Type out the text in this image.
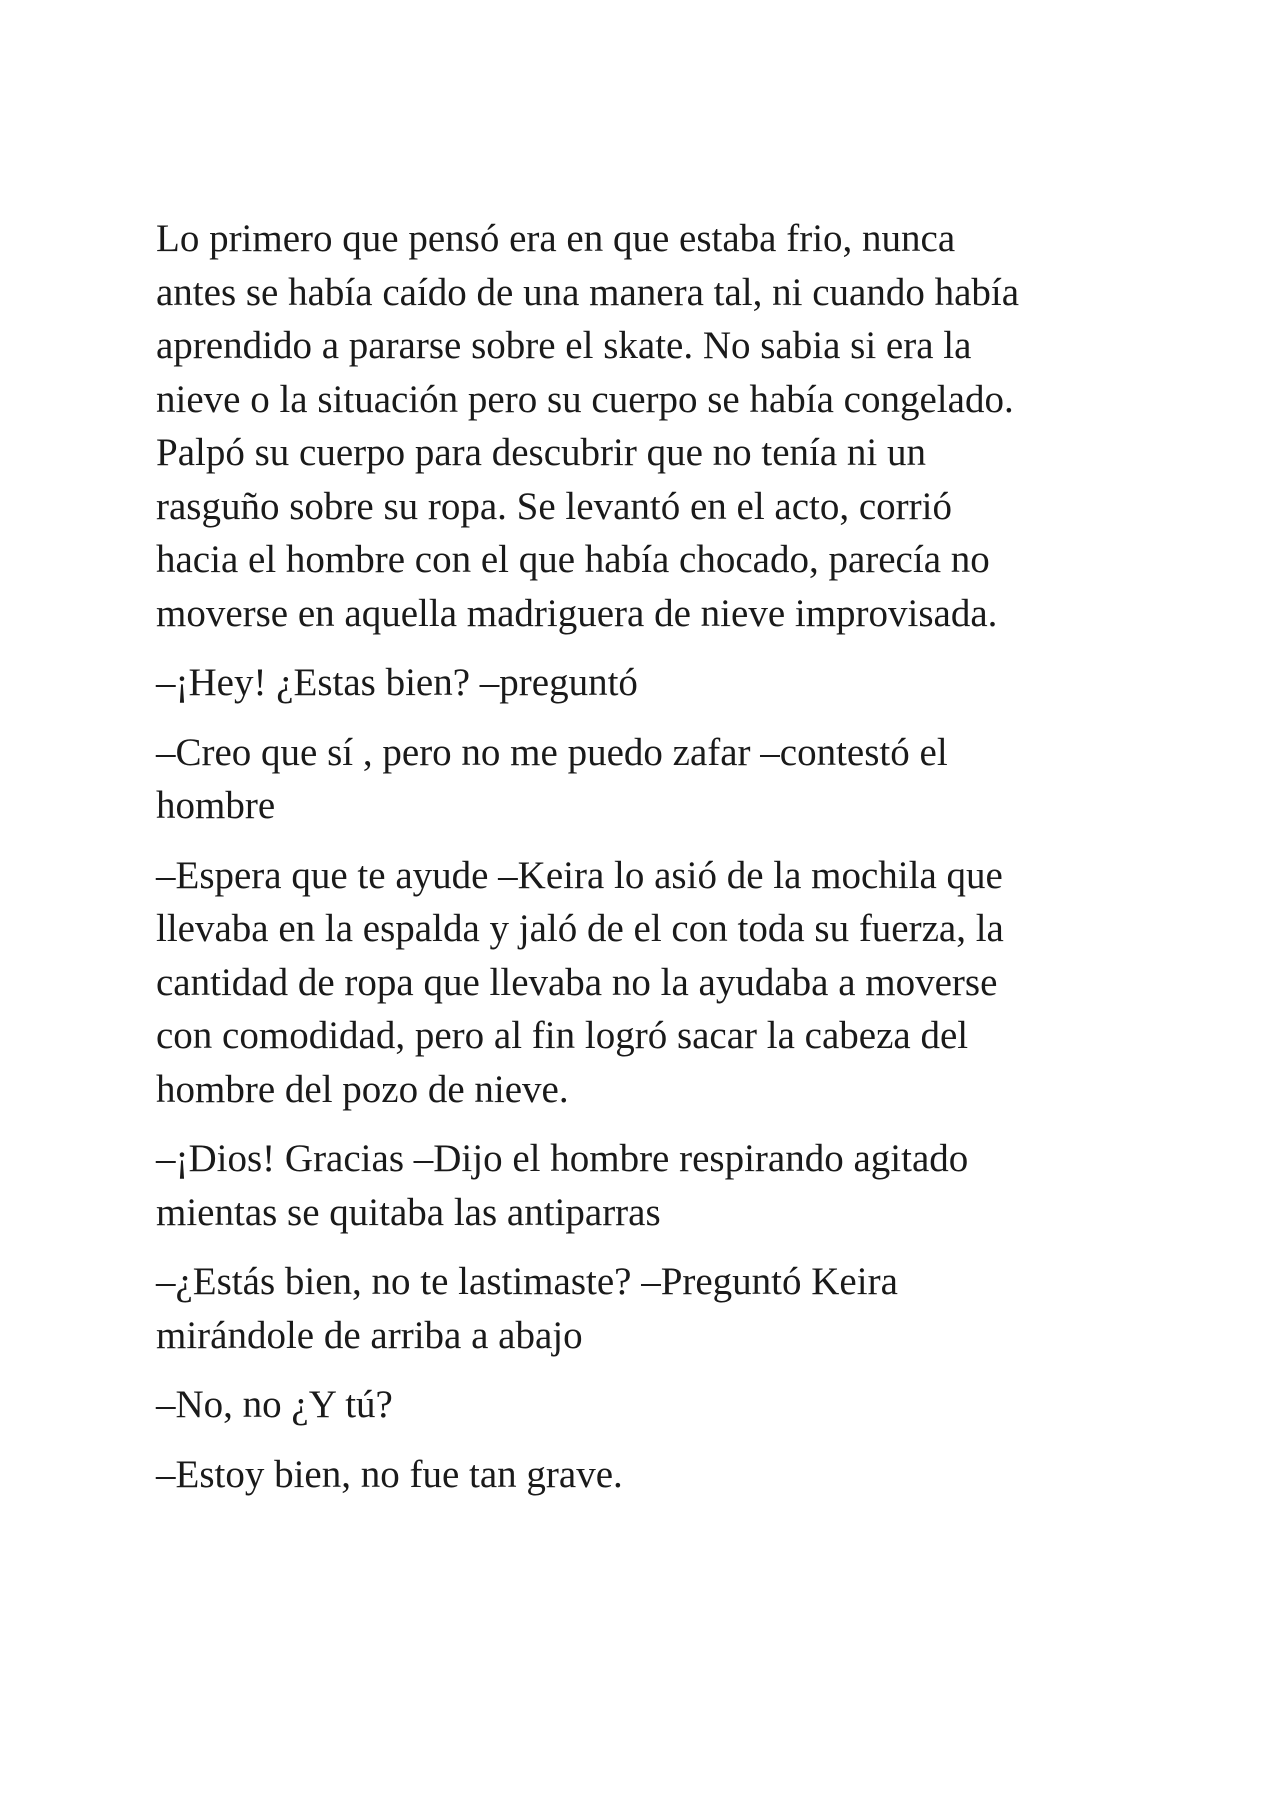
Lo primero que pensó era en que estaba frio, nunca
antes se había caído de una manera tal, ni cuando había
aprendido a pararse sobre el skate. No sabia si era la
nieve o la situación pero su cuerpo se había congelado.
Palpó su cuerpo para descubrir que no tenía ni un
rasguño sobre su ropa. Se levantó en el acto, corrió
hacia el hombre con el que había chocado, parecía no
moverse en aquella madriguera de nieve improvisada.
–¡Hey! ¿Estas bien? –preguntó
–Creo que sí , pero no me puedo zafar –contestó el
hombre
–Espera que te ayude –Keira lo asió de la mochila que
llevaba en la espalda y jaló de el con toda su fuerza, la
cantidad de ropa que llevaba no la ayudaba a moverse
con comodidad, pero al fin logró sacar la cabeza del
hombre del pozo de nieve.
–¡Dios! Gracias –Dijo el hombre respirando agitado
mientas se quitaba las antiparras
–¿Estás bien, no te lastimaste? –Preguntó Keira
mirándole de arriba a abajo
–No, no ¿Y tú?
–Estoy bien, no fue tan grave.
